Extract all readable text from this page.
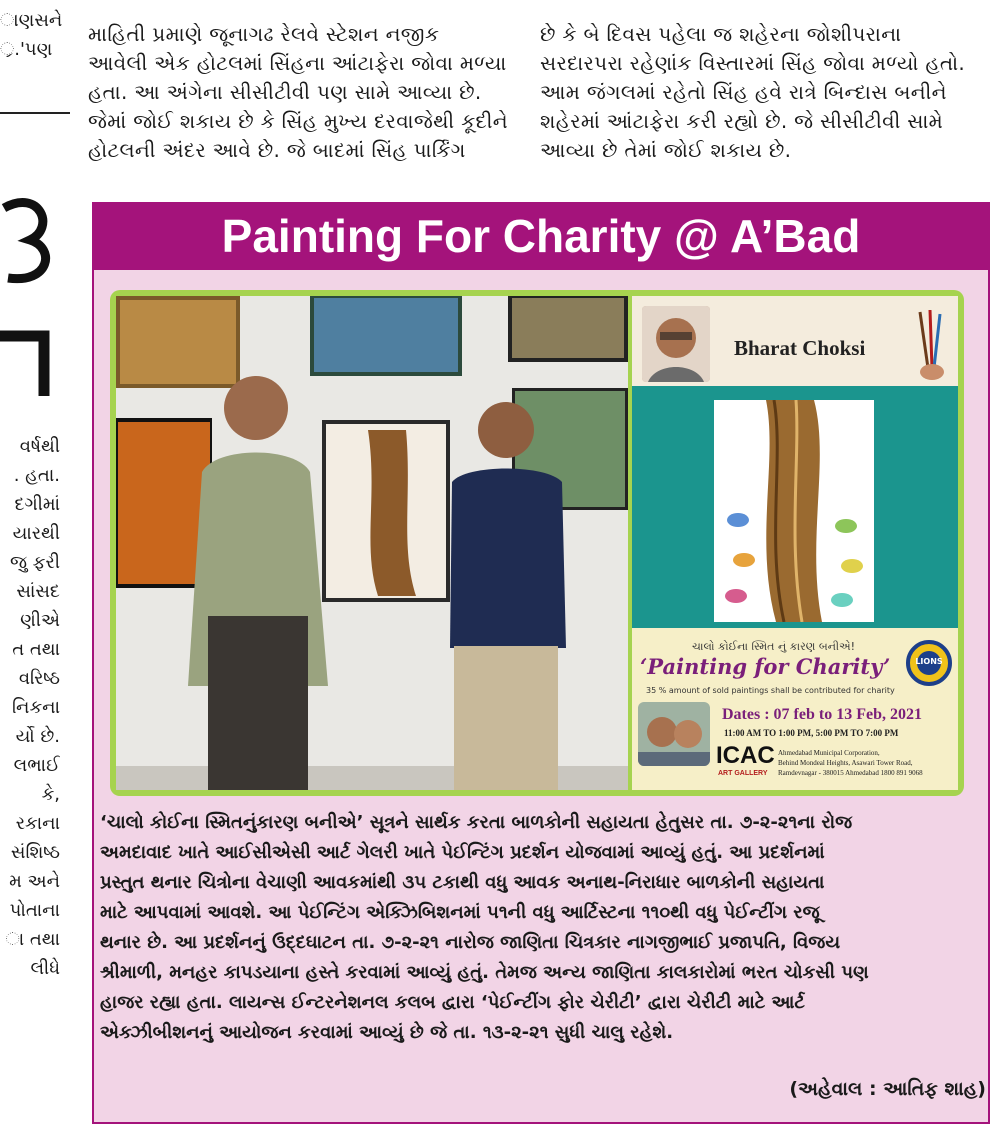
ાણસને
્ર.'પણ
માહિતી પ્રમાણે જૂનાગઢ રેલવે સ્ટેશન નજીક
આવેલી એક હોટલમાં સિંહના આંટાફેરા જોવા મળ્યા
હતા. આ અંગેના સીસીટીવી પણ સામે આવ્યા છે.
જેમાં જોઈ શકાય છે કે સિંહ મુખ્ય દરવાજેથી કૂદીને
હોટલની અંદર આવે છે. જે બાદમાં સિંહ પાર્કિંગ
છે કે બે દિવસ પહેલા જ શહેરના જોશીપરાના
સરદારપરા રહેણાંક વિસ્તારમાં સિંહ જોવા મળ્યો હતો.
આમ જંગલમાં રહેતો સિંહ હવે રાત્રે બિન્દાસ બનીને
શહેરમાં આંટાફેરા કરી રહ્યો છે. જે સીસીટીવી સામે
આવ્યા છે તેમાં જોઈ શકાય છે.
વર્ષથી
. હતા.
દગીમાં
યારથી
જુ ફરી
સાંસદ
ણીએ
ત તથા
વરિષ્ઠ
નિકના
ર્યો છે.
લભાઈ
કે,
રકાના
સંશિષ્ઠ
મ અને
પોતાના
ા તથા
લીધે
Painting For Charity @ A’Bad
Bharat Choksi
ચાલો કોઈના સ્મિત નું કારણ બનીએ!
‘Painting for Charity’	LIONS
35 % amount of sold paintings shall be contributed for charity
Dates : 07 feb to 13 Feb, 2021
11:00 AM TO 1:00 PM, 5:00 PM TO 7:00 PM
ICAC
ART GALLERY
Ahmedabad Municipal Corporation,
Behind Mondeal Heights, Asawari Tower Road,
Ramdevnagar - 380015 Ahmedabad 1800 891 9068
‘ચાલો કોઈના સ્મિતનુંકારણ બનીએ’ સૂત્રને સાર્થક કરતા બાળકોની સહાયતા હેતુસર તા. ૭-૨-૨૧ના રોજ
અમદાવાદ ખાતે આઈસીએસી આર્ટ ગેલરી ખાતે પેઈન્ટિંગ પ્રદર્શન યોજવામાં આવ્યું હતું. આ પ્રદર્શનમાં
પ્રસ્તુત થનાર ચિત્રોના વેચાણી આવકમાંથી ૩૫ ટકાથી વધુ આવક અનાથ-નિરાધાર બાળકોની સહાયતા
માટે આપવામાં આવશે. આ પેઈન્ટિંગ એક્ઝિબિશનમાં ૫૧ની વધુ આર્ટિસ્ટના ૧૧૦થી વધુ પેઈન્ટીંગ રજૂ
થનાર છે. આ પ્રદર્શનનું ઉદ્દઘાટન તા. ૭-૨-૨૧ નારોજ જાણિતા ચિત્રકાર નાગજીભાઈ પ્રજાપતિ, વિજય
શ્રીમાળી, મનહર કાપડયાના હસ્તે કરવામાં આવ્યું હતું. તેમજ અન્ય જાણિતા કાલકારોમાં ભરત ચોકસી પણ
હાજર રહ્યા હતા. લાયન્સ ઈન્ટરનેશનલ કલબ દ્વારા ‘પેઈન્ટીંગ ફોર ચેરીટી’ દ્વારા ચેરીટી માટે આર્ટ
એક્ઝીબીશનનું આયોજન કરવામાં આવ્યું છે જે તા. ૧૩-૨-૨૧ સુધી ચાલુ રહેશે.
(અહેવાલ : આતિફ શાહ)
